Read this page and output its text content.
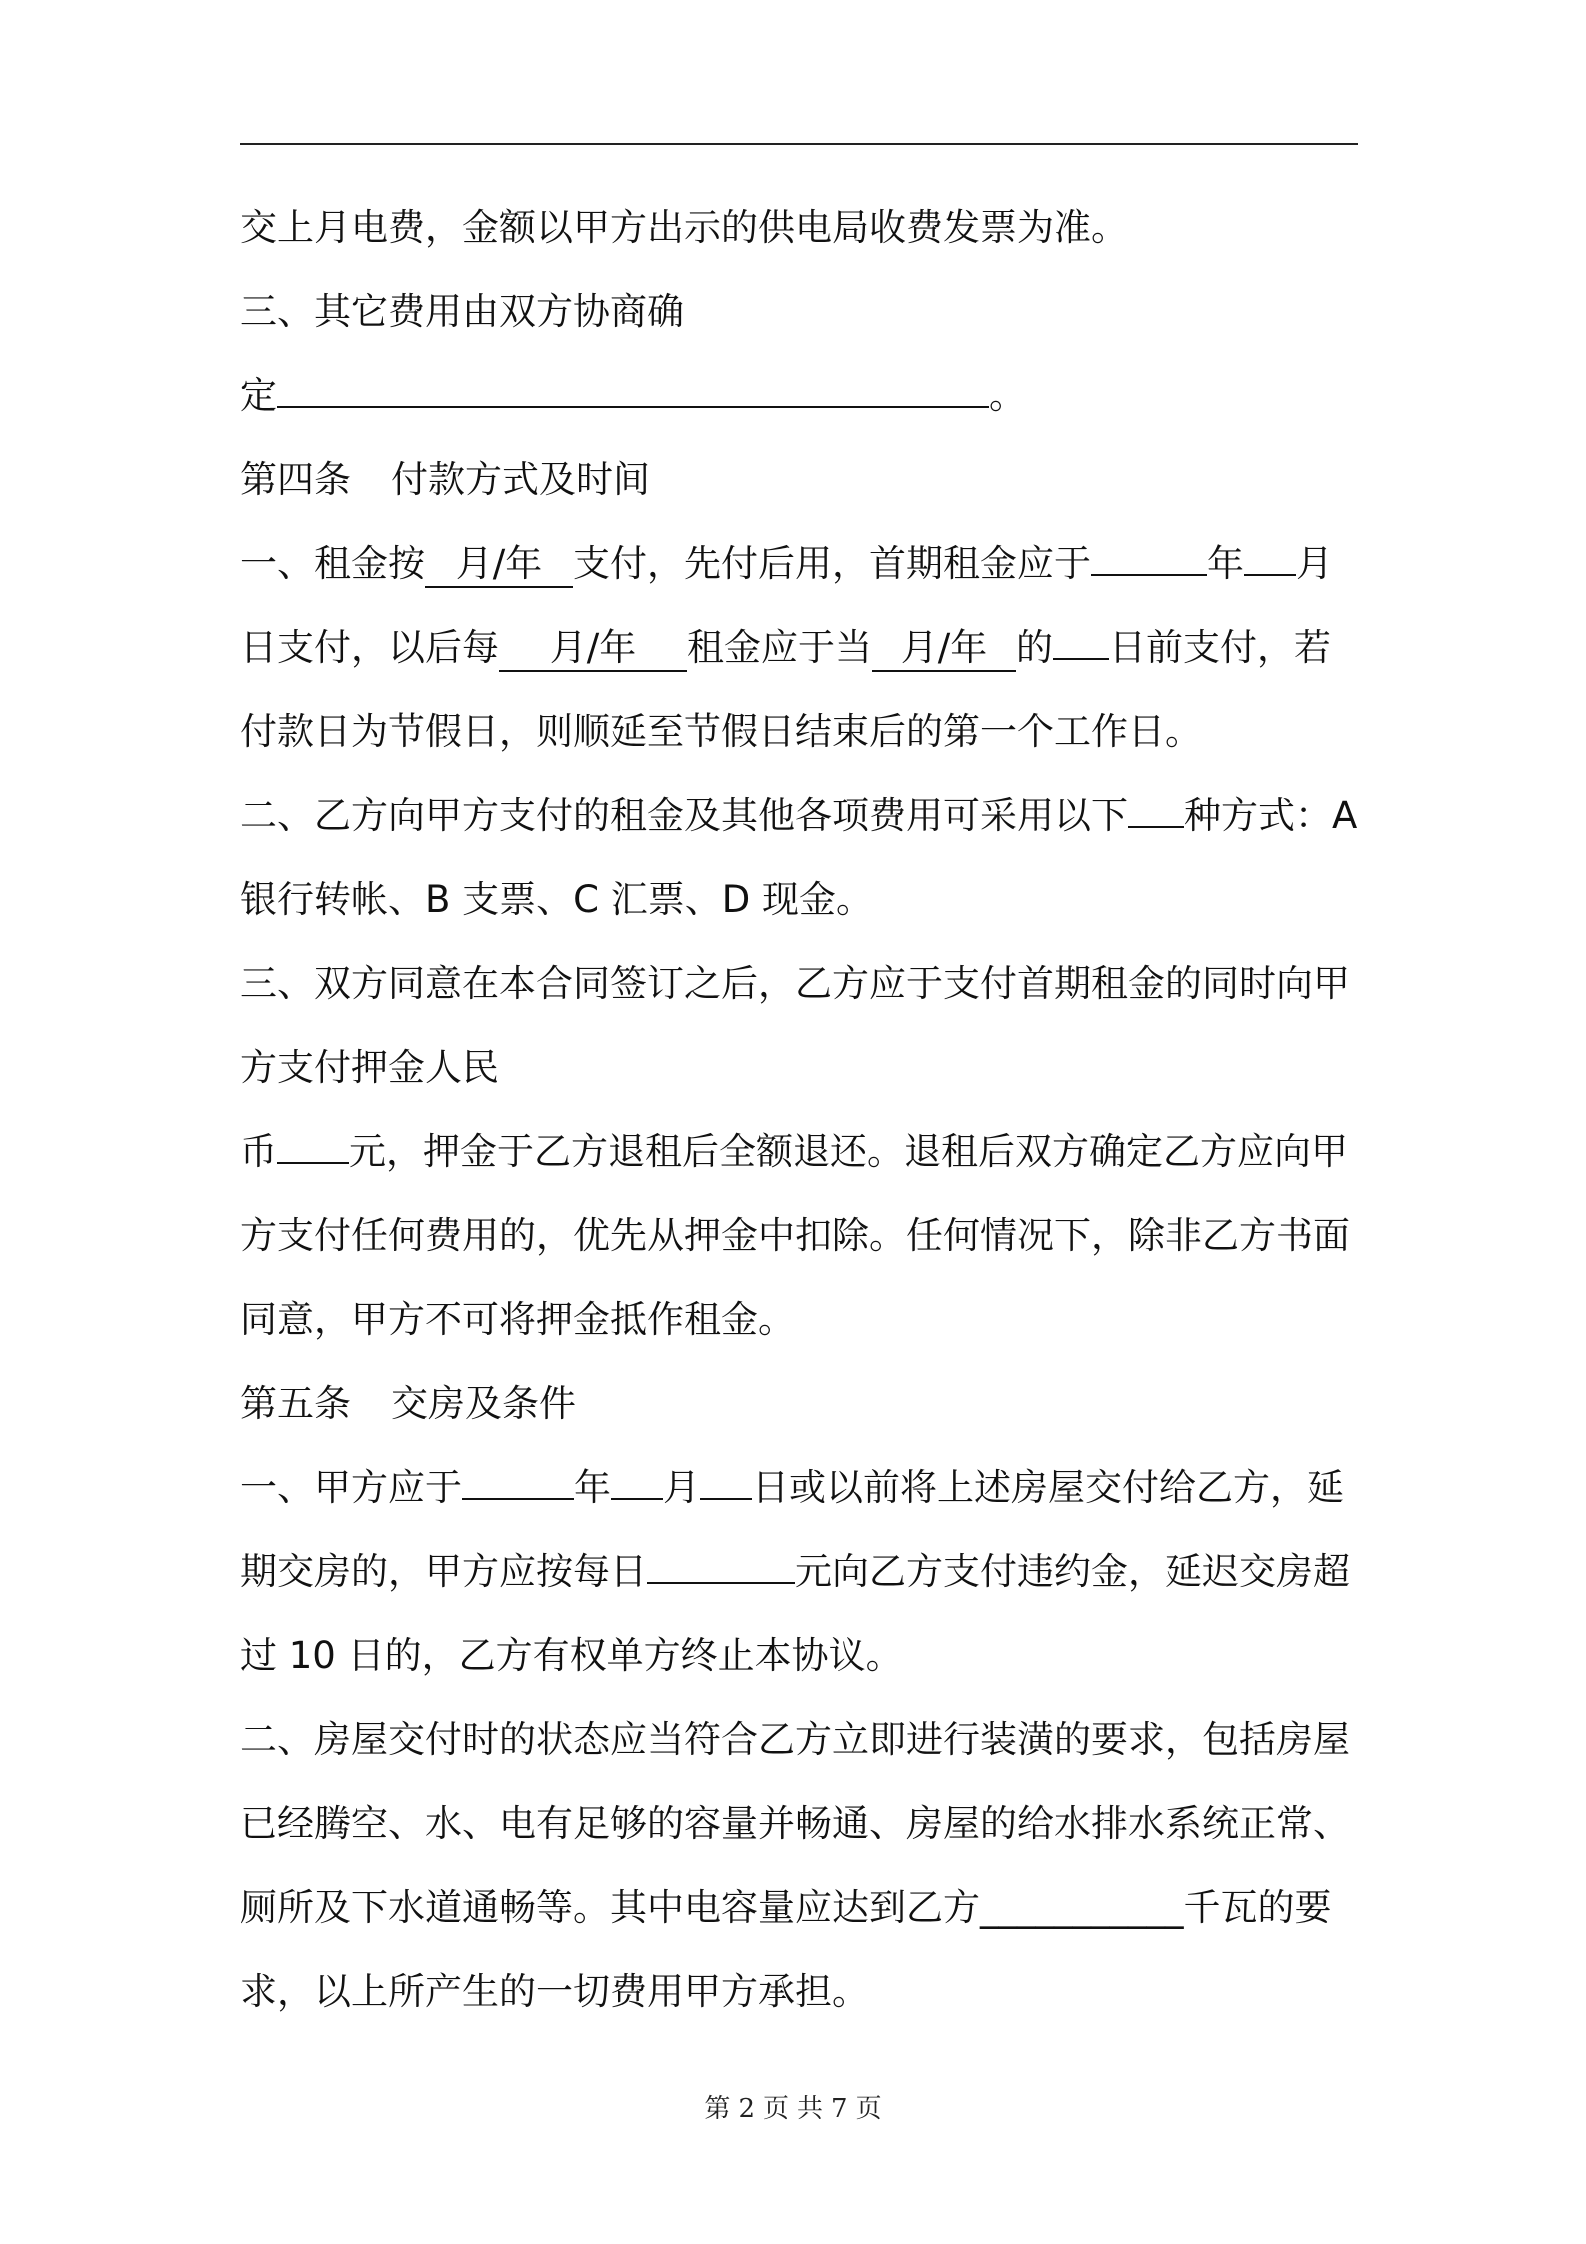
交上月电费，金额以甲方出示的供电局收费发票为准。
三、其它费用由双方协商确
定	。
第四条 付款方式及时间
一、租金按 月/年 支付，先付后用，首期租金应于	年 月
日支付，以后每 月/年 租金应于当 月/年 的 日前支付，若
付款日为节假日，则顺延至节假日结束后的第一个工作日。
二、乙方向甲方支付的租金及其他各项费用可采用以下 种方式：A
银行转帐、B 支票、C 汇票、D 现金。
三、双方同意在本合同签订之后，乙方应于支付首期租金的同时向甲
方支付押金人民
币 元，押金于乙方退租后全额退还。退租后双方确定乙方应向甲
方支付任何费用的，优先从押金中扣除。任何情况下，除非乙方书面
同意，甲方不可将押金抵作租金。
第五条 交房及条件
一、甲方应于	年 月 日或以前将上述房屋交付给乙方，延
期交房的，甲方应按每日	元向乙方支付违约金，延迟交房超
过 10 日的，乙方有权单方终止本协议。
二、房屋交付时的状态应当符合乙方立即进行装潢的要求，包括房屋
已经腾空、水、电有足够的容量并畅通、房屋的给水排水系统正常、
厕所及下水道通畅等。其中电容量应达到乙方___________千瓦的要
求，以上所产生的一切费用甲方承担。
第 2 页 共 7 页
